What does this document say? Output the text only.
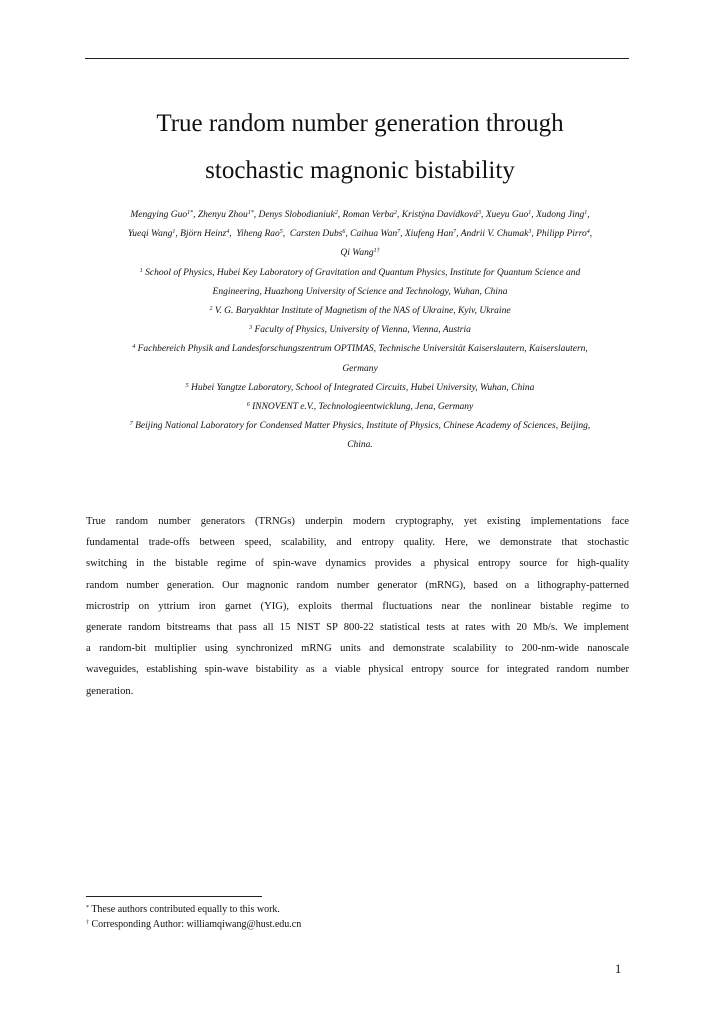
True random number generation through
stochastic magnonic bistability
Mengying Guo$^{1*}$, Zhenyu Zhou$^{1*}$, Denys Slobodianiuk$^2$, Roman Verba$^2$, Kristýna Davídková$^3$, Xueyu Guo$^1$, Xudong Jing$^1$,
Yueqi Wang$^1$, Björn Heinz$^4$,  Yiheng Rao$^5$,  Carsten Dubs$^6$, Caihua Wan$^7$, Xiufeng Han$^7$, Andrii V. Chumak$^3$, Philipp Pirro$^4$,
Qi Wang$^{1\dagger}$
$^1$ School of Physics, Hubei Key Laboratory of Gravitation and Quantum Physics, Institute for Quantum Science and
Engineering, Huazhong University of Science and Technology, Wuhan, China
$^2$ V. G. Baryakhtar Institute of Magnetism of the NAS of Ukraine, Kyiv, Ukraine
$^3$ Faculty of Physics, University of Vienna, Vienna, Austria
$^4$ Fachbereich Physik and Landesforschungszentrum OPTIMAS, Technische Universität Kaiserslautern, Kaiserslautern,
Germany
$^5$ Hubei Yangtze Laboratory, School of Integrated Circuits, Hubei University, Wuhan, China
$^6$ INNOVENT e.V., Technologieentwicklung, Jena, Germany
$^7$ Beijing National Laboratory for Condensed Matter Physics, Institute of Physics, Chinese Academy of Sciences, Beijing,
China.
True random number generators (TRNGs) underpin modern cryptography, yet existing implementations face
fundamental trade-offs between speed, scalability, and entropy quality. Here, we demonstrate that stochastic
switching in the bistable regime of spin-wave dynamics provides a physical entropy source for high-quality
random number generation. Our magnonic random number generator (mRNG), based on a lithography-patterned
microstrip on yttrium iron garnet (YIG), exploits thermal fluctuations near the nonlinear bistable regime to
generate random bitstreams that pass all 15 NIST SP 800-22 statistical tests at rates with 20 Mb/s. We implement
a random-bit multiplier using synchronized mRNG units and demonstrate scalability to 200-nm-wide nanoscale
waveguides, establishing spin-wave bistability as a viable physical entropy source for integrated random number
generation.
* These authors contributed equally to this work.
† Corresponding Author: williamqiwang@hust.edu.cn
1
